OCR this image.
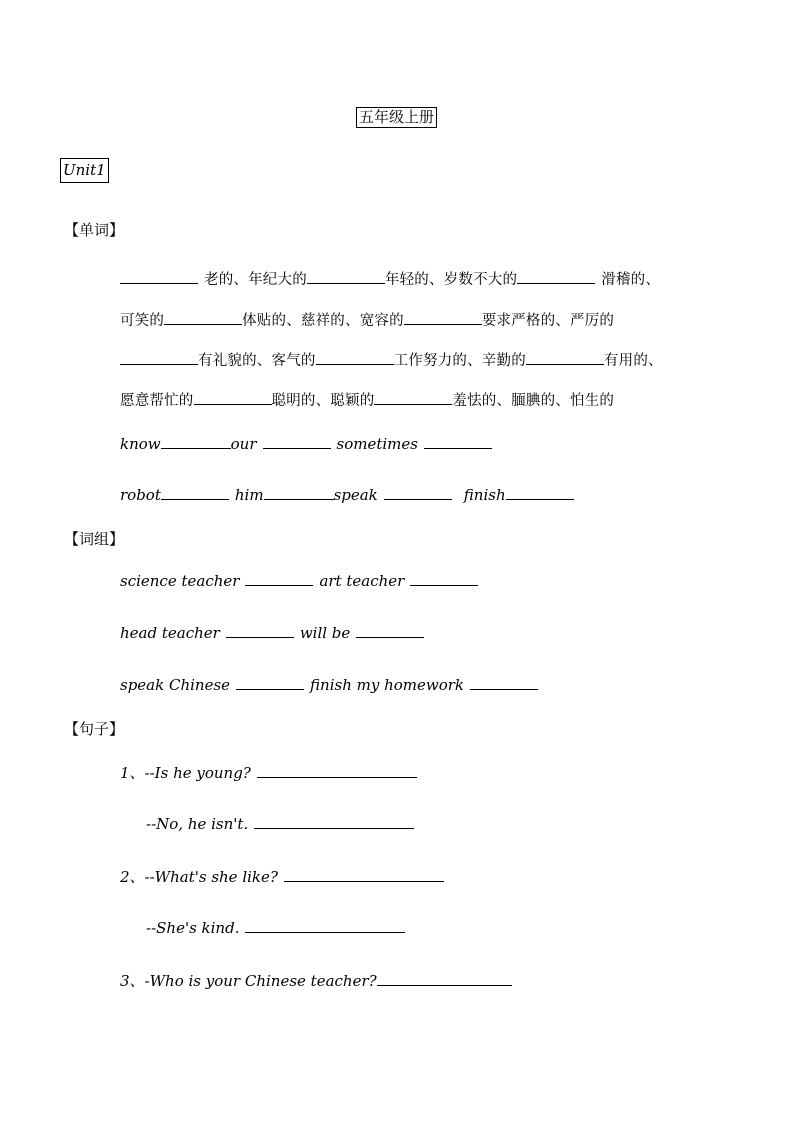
五年级上册
Unit1
【单词】
老的、年纪大的	年轻的、岁数不大的	滑稽的、
可笑的	体贴的、慈祥的、宽容的	要求严格的、严厉的
有礼貌的、客气的	工作努力的、辛勤的	有用的、
愿意帮忙的	聪明的、聪颖的	羞怯的、腼腆的、怕生的
know	our	sometimes
robot	him	speak	finish
【词组】
science teacher	art teacher
head teacher	will be
speak Chinese	finish my homework
【句子】
1、--Is he young?
--No, he isn't.
2、--What's she like?
--She's kind.
3、-Who is your Chinese teacher?
